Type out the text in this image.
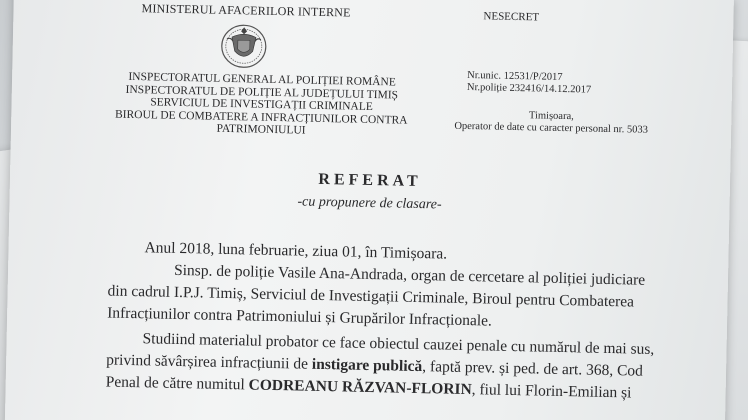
MINISTERUL AFACERILOR INTERNE	NESECRET
INSPECTORATUL GENERAL AL POLIȚIEI ROMÂNE
INSPECTORATUL DE POLIȚIE AL JUDEȚULUI TIMIȘ
SERVICIUL DE INVESTIGAȚII CRIMINALE
BIROUL DE COMBATERE A INFRACȚIUNILOR CONTRA
PATRIMONIULUI
Nr.unic. 12531/P/2017
Nr.poliție 232416/14.12.2017
Timișoara,
Operator de date cu caracter personal nr. 5033
REFERAT
-cu propunere de clasare-

Anul 2018, luna februarie, ziua 01, în Timișoara.

Sinsp. de poliție Vasile Ana-Andrada, organ de cercetare al poliției judiciare

din cadrul I.P.J. Timiș, Serviciul de Investigații Criminale, Biroul pentru Combaterea

Infracțiunilor contra Patrimoniului și Grupărilor Infracționale.

Studiind materialul probator ce face obiectul cauzei penale cu numărul de mai sus,

privind săvârșirea infracțiunii de instigare publică, faptă prev. și ped. de art. 368, Cod

Penal de către numitul CODREANU RĂZVAN-FLORIN, fiul lui Florin-Emilian și
